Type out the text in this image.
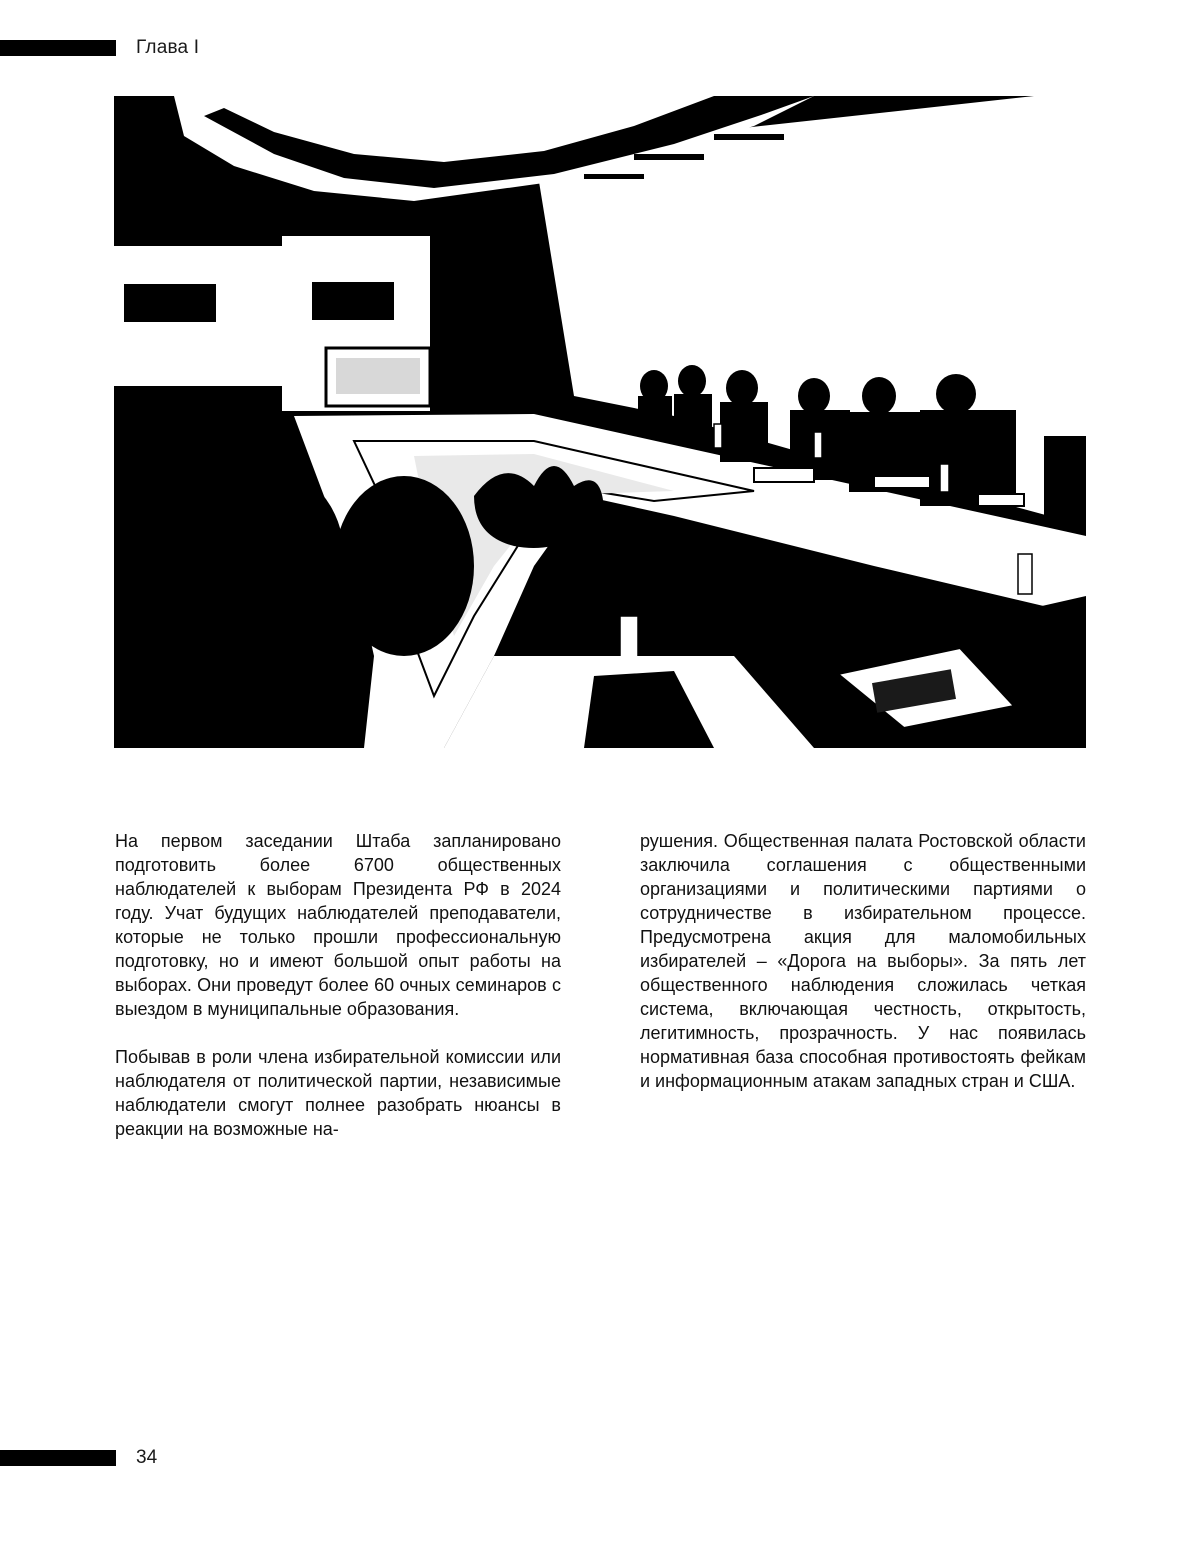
Глава I

На первом заседании Штаба запланировано подготовить более 6700 общественных наблюдателей к выборам Президента РФ в 2024 году. Учат будущих наблюдателей преподаватели, которые не только прошли профессиональную подготовку, но и имеют большой опыт работы на выборах. Они проведут более 60 очных семинаров с выездом в муниципальные образования.

Побывав в роли члена избирательной комиссии или наблюдателя от политической партии, независимые наблюдатели смогут полнее разобрать нюансы в реакции на возможные на-

рушения. Общественная палата Ростовской области заключила соглашения с общественными организациями и политическими партиями о сотрудничестве в избирательном процессе. Предусмотрена акция для маломобильных избирателей – «Дорога на выборы». За пять лет общественного наблюдения сложилась четкая система, включающая честность, открытость, легитимность, прозрачность. У нас появилась нормативная база способная противостоять фейкам и информационным атакам западных стран и США.

34
